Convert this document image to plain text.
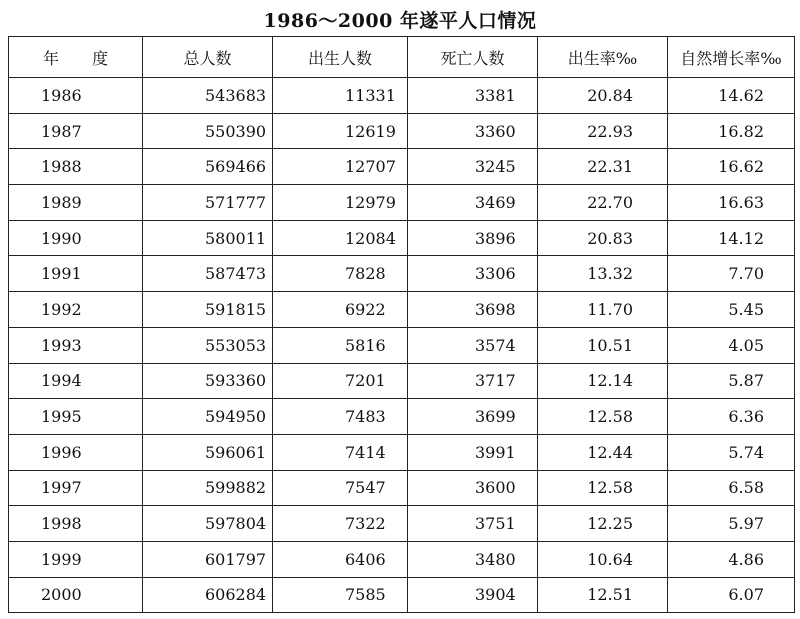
1986～2000 年遂平人口情况
年 度	总人数	出生人数	死亡人数	出生率‰	自然增长率‰
1986	543683	11331	3381	20.84	14.62
1987	550390	12619	3360	22.93	16.82
1988	569466	12707	3245	22.31	16.62
1989	571777	12979	3469	22.70	16.63
1990	580011	12084	3896	20.83	14.12
1991	587473	7828	3306	13.32	7.70
1992	591815	6922	3698	11.70	5.45
1993	553053	5816	3574	10.51	4.05
1994	593360	7201	3717	12.14	5.87
1995	594950	7483	3699	12.58	6.36
1996	596061	7414	3991	12.44	5.74
1997	599882	7547	3600	12.58	6.58
1998	597804	7322	3751	12.25	5.97
1999	601797	6406	3480	10.64	4.86
2000	606284	7585	3904	12.51	6.07
